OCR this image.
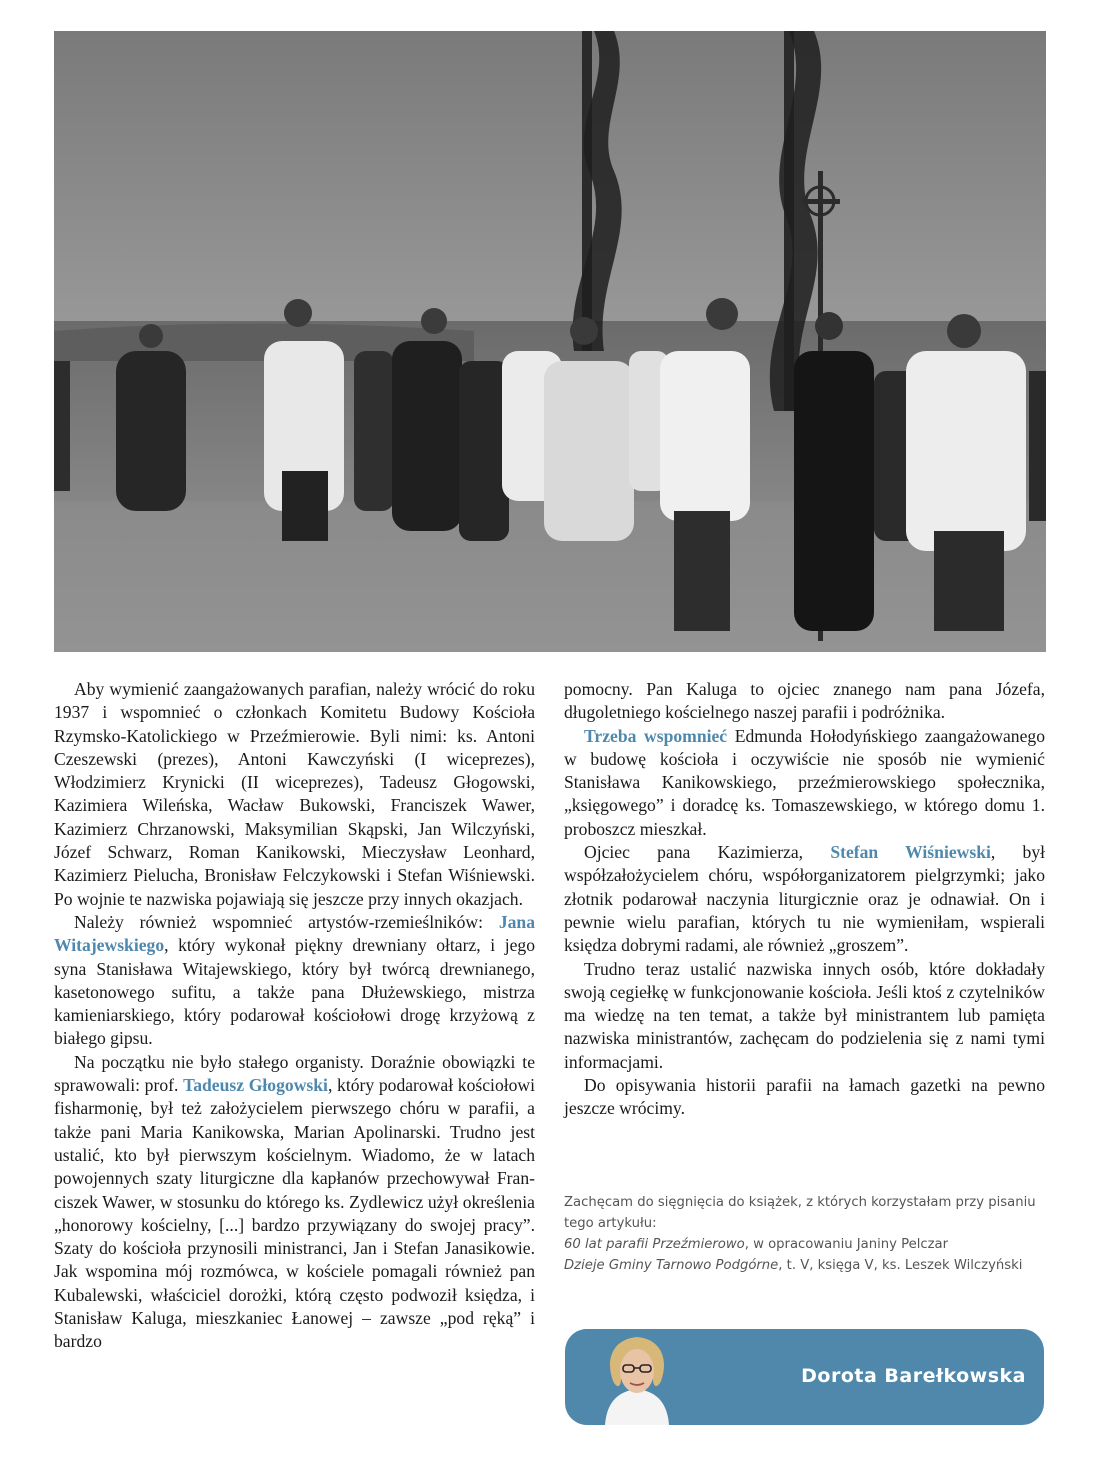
Aby wymienić zaangażowanych parafian, należy wrócić do roku 1937 i wspomnieć o członkach Komitetu Budowy Kościoła Rzymsko-Katolickiego w Przeźmierowie. Byli nimi: ks. Antoni Czeszewski (prezes), Antoni Kawczyński (I wiceprezes), Włodzimierz Krynicki (II wiceprezes), Tadeusz Głogowski, Kazimiera Wileńska, Wacław Bukowski, Franciszek Wawer, Kazimierz Chrzanowski, Maksymilian Skąpski, Jan Wilczyński, Józef Schwarz, Roman Kanikowski, Mieczysław Leonhard, Kazimierz Pielucha, Bronisław Felczykowski i Stefan Wiśniewski. Po wojnie te nazwiska pojawiają się jeszcze przy innych okazjach.

Należy również wspomnieć artystów-rzemieślników: Jana Witajewskiego, który wykonał piękny drewniany ołtarz, i jego syna Stanisława Witajewskiego, który był twórcą drewnianego, kasetonowego sufitu, a także pana Dłużewskiego, mistrza kamieniarskiego, który podarował kościołowi drogę krzyżową z białego gipsu.

Na początku nie było stałego organisty. Doraźnie obowiązki te sprawowali: prof. Tadeusz Głogowski, który podarował kościołowi fisharmonię, był też założycielem pierwszego chóru w parafii, a także pani Maria Kanikowska, Marian Apolinarski. Trudno jest ustalić, kto był pierwszym kościelnym. Wiadomo, że w latach powojennych szaty liturgiczne dla kapłanów przechowywał Franciszek Wawer, w stosunku do którego ks. Zydlewicz użył określenia „honorowy kościelny, [...] bardzo przywiązany do swojej pracy”. Szaty do kościoła przynosili ministranci, Jan i Stefan Janasikowie. Jak wspomina mój rozmówca, w kościele pomagali również pan Kubalewski, właściciel dorożki, którą często podwoził księdza, i Stanisław Kaluga, mieszkaniec Łanowej – zawsze „pod ręką” i bardzo

pomocny. Pan Kaluga to ojciec znanego nam pana Józefa, długoletniego kościelnego naszej parafii i podróżnika.

Trzeba wspomnieć Edmunda Hołodyńskiego zaangażowanego w budowę kościoła i oczywiście nie sposób nie wymienić Stanisława Kanikowskiego, przeźmierowskiego społecznika, „księgowego” i doradcę ks. Tomaszewskiego, w którego domu 1. proboszcz mieszkał.

Ojciec pana Kazimierza, Stefan Wiśniewski, był współzałożycielem chóru, współorganizatorem pielgrzymki; jako złotnik podarował naczynia liturgicznie oraz je odnawiał. On i pewnie wielu parafian, których tu nie wymieniłam, wspierali księdza dobrymi radami, ale również „groszem”.

Trudno teraz ustalić nazwiska innych osób, które dokładały swoją cegiełkę w funkcjonowanie kościoła. Jeśli ktoś z czytelników ma wiedzę na ten temat, a także był ministrantem lub pamięta nazwiska ministrantów, zachęcam do podzielenia się z nami tymi informacjami.

Do opisywania historii parafii na łamach gazetki na pewno jeszcze wrócimy.

Zachęcam do sięgnięcia do książek, z których korzystałam przy pisaniu tego artykułu:

60 lat parafii Przeźmierowo, w opracowaniu Janiny Pelczar

Dzieje Gminy Tarnowo Podgórne, t. V, księga V, ks. Leszek Wilczyński

Dorota Barełkowska
